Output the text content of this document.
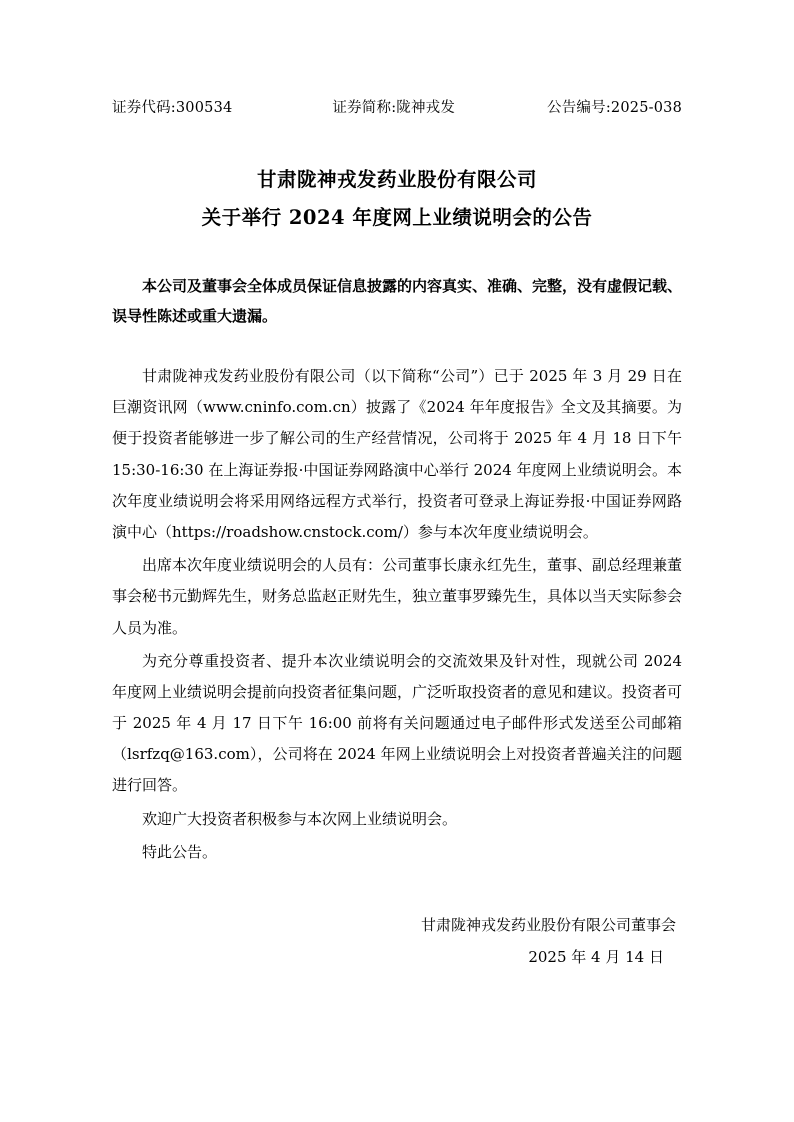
证券代码:300534	证券简称:陇神戎发	公告编号:2025-038
甘肃陇神戎发药业股份有限公司
关于举行 2024 年度网上业绩说明会的公告
本公司及董事会全体成员保证信息披露的内容真实、准确、完整，没有虚假记载、误导性陈述或重大遗漏。

甘肃陇神戎发药业股份有限公司（以下简称“公司”）已于 2025 年 3 月 29 日在巨潮资讯网（www.cninfo.com.cn）披露了《2024 年年度报告》全文及其摘要。为便于投资者能够进一步了解公司的生产经营情况，公司将于 2025 年 4 月 18 日下午 15:30-16:30 在上海证券报·中国证券网路演中心举行 2024 年度网上业绩说明会。本次年度业绩说明会将采用网络远程方式举行，投资者可登录上海证券报·中国证券网路演中心（https://roadshow.cnstock.com/）参与本次年度业绩说明会。

出席本次年度业绩说明会的人员有：公司董事长康永红先生，董事、副总经理兼董事会秘书元勤辉先生，财务总监赵正财先生，独立董事罗臻先生，具体以当天实际参会人员为准。

为充分尊重投资者、提升本次业绩说明会的交流效果及针对性，现就公司 2024 年度网上业绩说明会提前向投资者征集问题，广泛听取投资者的意见和建议。投资者可于 2025 年 4 月 17 日下午 16:00 前将有关问题通过电子邮件形式发送至公司邮箱（lsrfzq@163.com），公司将在 2024 年网上业绩说明会上对投资者普遍关注的问题进行回答。

欢迎广大投资者积极参与本次网上业绩说明会。

特此公告。

甘肃陇神戎发药业股份有限公司董事会
2025 年 4 月 14 日
